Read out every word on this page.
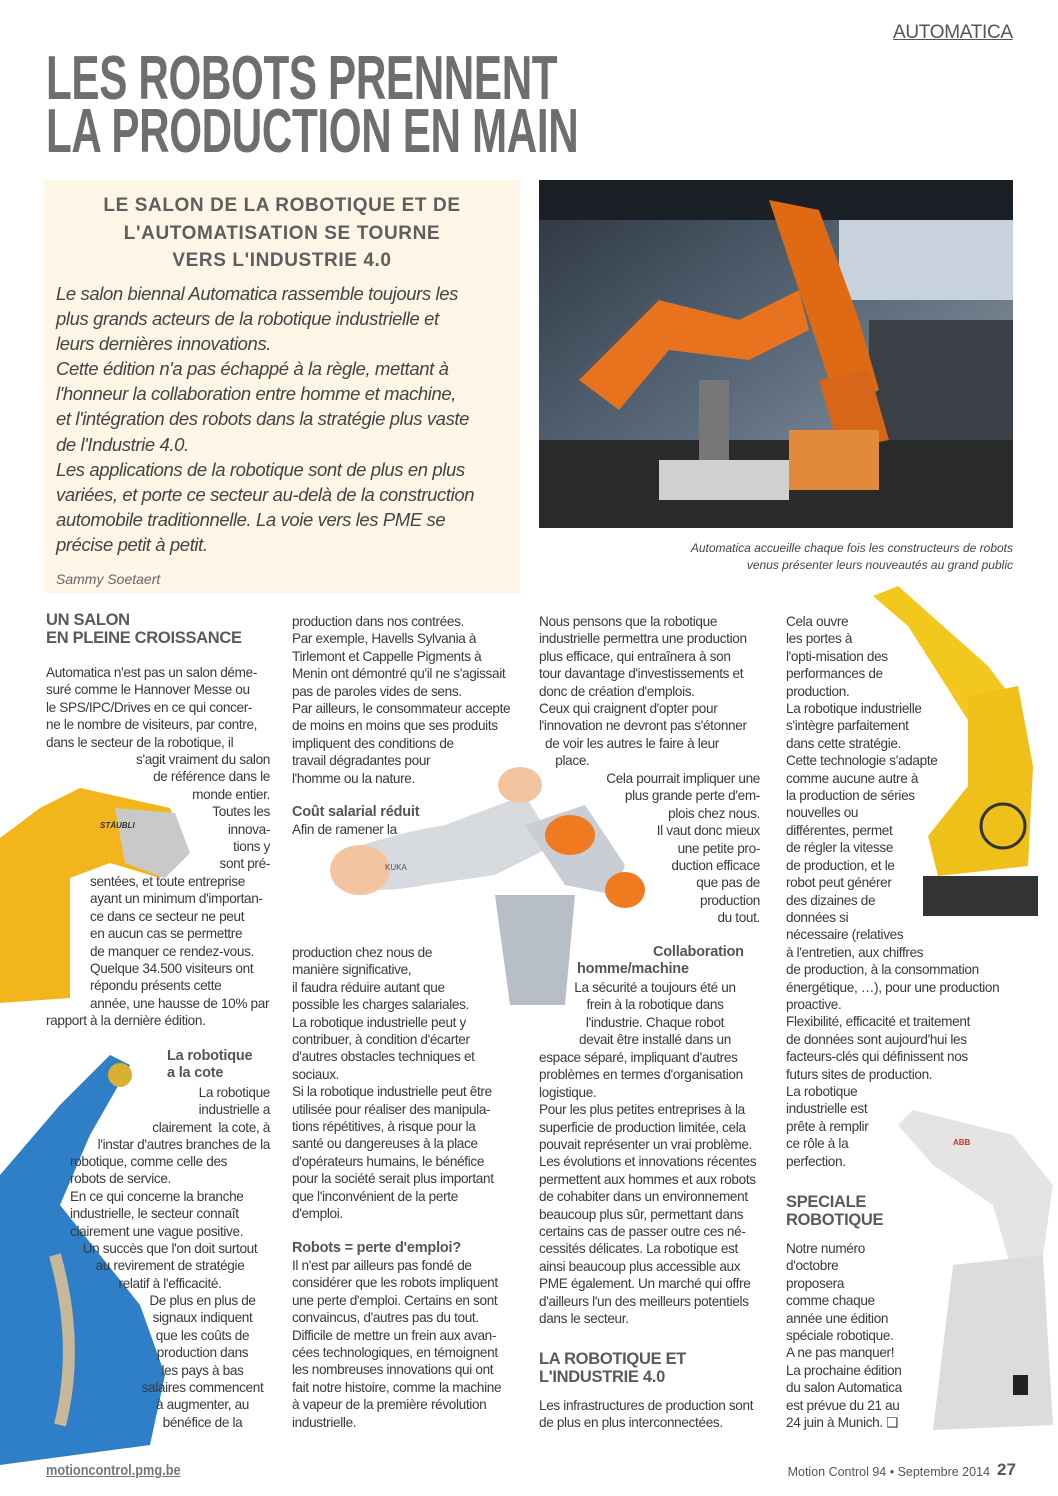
AUTOMATICA
LES ROBOTS PRENNENT
LA PRODUCTION EN MAIN
LE SALON DE LA ROBOTIQUE ET DE
L'AUTOMATISATION SE TOURNE
VERS L'INDUSTRIE 4.0
Le salon biennal Automatica rassemble toujours les
plus grands acteurs de la robotique industrielle et
leurs dernières innovations.
Cette édition n'a pas échappé à la règle, mettant à
l'honneur la collaboration entre homme et machine,
et l'intégration des robots dans la stratégie plus vaste
de l'Industrie 4.0.
Les applications de la robotique sont de plus en plus
variées, et porte ce secteur au-delà de la construction
automobile traditionnelle. La voie vers les PME se
précise petit à petit.
Sammy Soetaert
Automatica accueille chaque fois les constructeurs de robots
venus présenter leurs nouveautés au grand public
STÄUBLI
KUKA
ABB
UN SALON
EN PLEINE CROISSANCE
Automatica n'est pas un salon déme-
suré comme le Hannover Messe ou
le SPS/IPC/Drives en ce qui concer-
ne le nombre de visiteurs, par contre,
dans le secteur de la robotique, il
s'agit vraiment du salon
de référence dans le
monde entier.
Toutes les
innova-
tions y
sont pré-
sentées, et toute entreprise
ayant un minimum d'importan-
ce dans ce secteur ne peut
en aucun cas se permettre
de manquer ce rendez-vous.
Quelque 34.500 visiteurs ont
répondu présents cette
année, une hausse de 10% par
rapport à la dernière édition.
La robotique
a la cote
La robotique
industrielle a
clairement  la cote, à
l'instar d'autres branches de la
robotique, comme celle des
robots de service.
En ce qui concerne la branche
industrielle, le secteur connaît
clairement une vague positive.
Un succès que l'on doit surtout
au revirement de stratégie
relatif à l'efficacité.
De plus en plus de
signaux indiquent
que les coûts de
production dans
les pays à bas
salaires commencent
à augmenter, au
bénéfice de la
production dans nos contrées.
Par exemple, Havells Sylvania à
Tirlemont et Cappelle Pigments à
Menin ont démontré qu'il ne s'agissait
pas de paroles vides de sens.
Par ailleurs, le consommateur accepte
de moins en moins que ses produits
impliquent des conditions de
travail dégradantes pour
l'homme ou la nature.
Coût salarial réduit
Afin de ramener la
production chez nous de
manière significative,
il faudra réduire autant que
possible les charges salariales.
La robotique industrielle peut y
contribuer, à condition d'écarter
d'autres obstacles techniques et
sociaux.
Si la robotique industrielle peut être
utilisée pour réaliser des manipula-
tions répétitives, à risque pour la
santé ou dangereuses à la place
d'opérateurs humains, le bénéfice
pour la société serait plus important
que l'inconvénient de la perte
d'emploi.
Robots = perte d'emploi?
Il n'est par ailleurs pas fondé de
considérer que les robots impliquent
une perte d'emploi. Certains en sont
convaincus, d'autres pas du tout.
Difficile de mettre un frein aux avan-
cées technologiques, en témoignent
les nombreuses innovations qui ont
fait notre histoire, comme la machine
à vapeur de la première révolution
industrielle.
Nous pensons que la robotique
industrielle permettra une production
plus efficace, qui entraînera à son
tour davantage d'investissements et
donc de création d'emplois.
Ceux qui craignent d'opter pour
l'innovation ne devront pas s'étonner
de voir les autres le faire à leur
place.
Cela pourrait impliquer une
plus grande perte d'em-
plois chez nous.
Il vaut donc mieux
une petite pro-
duction efficace
que pas de
production
du tout.
Collaboration
homme/machine
La sécurité a toujours été un
frein à la robotique dans
l'industrie. Chaque robot
devait être installé dans un
espace séparé, impliquant d'autres
problèmes en termes d'organisation
logistique.
Pour les plus petites entreprises à la
superficie de production limitée, cela
pouvait représenter un vrai problème.
Les évolutions et innovations récentes
permettent aux hommes et aux robots
de cohabiter dans un environnement
beaucoup plus sûr, permettant dans
certains cas de passer outre ces né-
cessités délicates. La robotique est
ainsi beaucoup plus accessible aux
PME également. Un marché qui offre
d'ailleurs l'un des meilleurs potentiels
dans le secteur.
LA ROBOTIQUE ET
L'INDUSTRIE 4.0
Les infrastructures de production sont
de plus en plus interconnectées.
Cela ouvre
les portes à
l'opti-misation des
performances de
production.
La robotique industrielle
s'intègre parfaitement
dans cette stratégie.
Cette technologie s'adapte
comme aucune autre à
la production de séries
nouvelles ou
différentes, permet
de régler la vitesse
de production, et le
robot peut générer
des dizaines de
données si
nécessaire (relatives
à l'entretien, aux chiffres
de production, à la consommation
énergétique, …), pour une production
proactive.
Flexibilité, efficacité et traitement
de données sont aujourd'hui les
facteurs-clés qui définissent nos
futurs sites de production.
La robotique
industrielle est
prête à remplir
ce rôle à la
perfection.
SPECIALE
ROBOTIQUE
Notre numéro
d'octobre
proposera
comme chaque
année une édition
spéciale robotique.
A ne pas manquer!
La prochaine édition
du salon Automatica
est prévue du 21 au
24 juin à Munich. ❑
motioncontrol.pmg.be	Motion Control 94 • Septembre 2014 27
